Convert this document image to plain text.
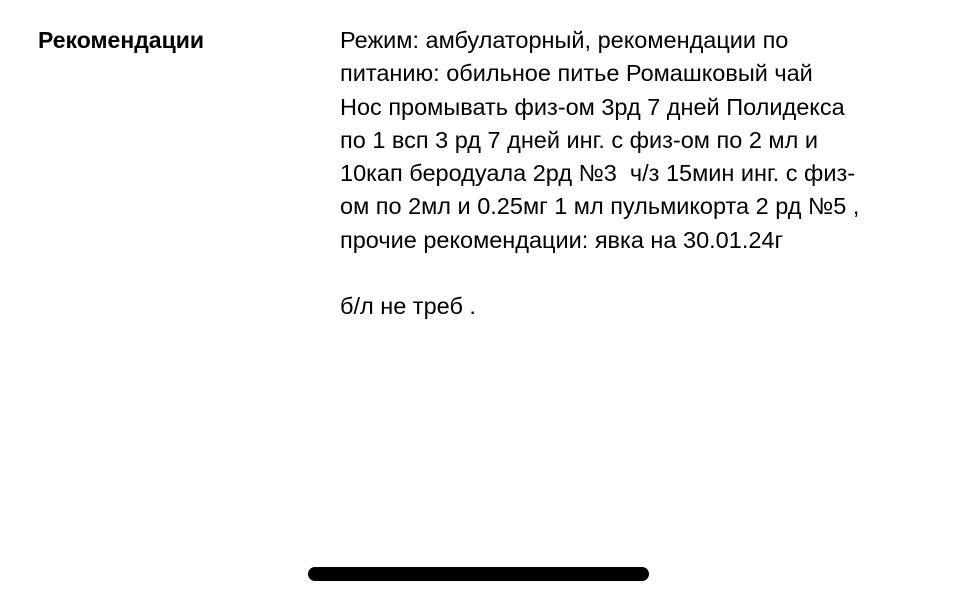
Рекомендации	Режим: амбулаторный, рекомендации по
питанию: обильное питье Ромашковый чай
Нос промывать физ-ом 3рд 7 дней Полидекса
по 1 всп 3 рд 7 дней инг. с физ-ом по 2 мл и
10кап беродуала 2рд №3  ч/з 15мин инг. с физ-
ом по 2мл и 0.25мг 1 мл пульмикорта 2 рд №5 ,
прочие рекомендации: явка на 30.01.24г
б/л не треб .
